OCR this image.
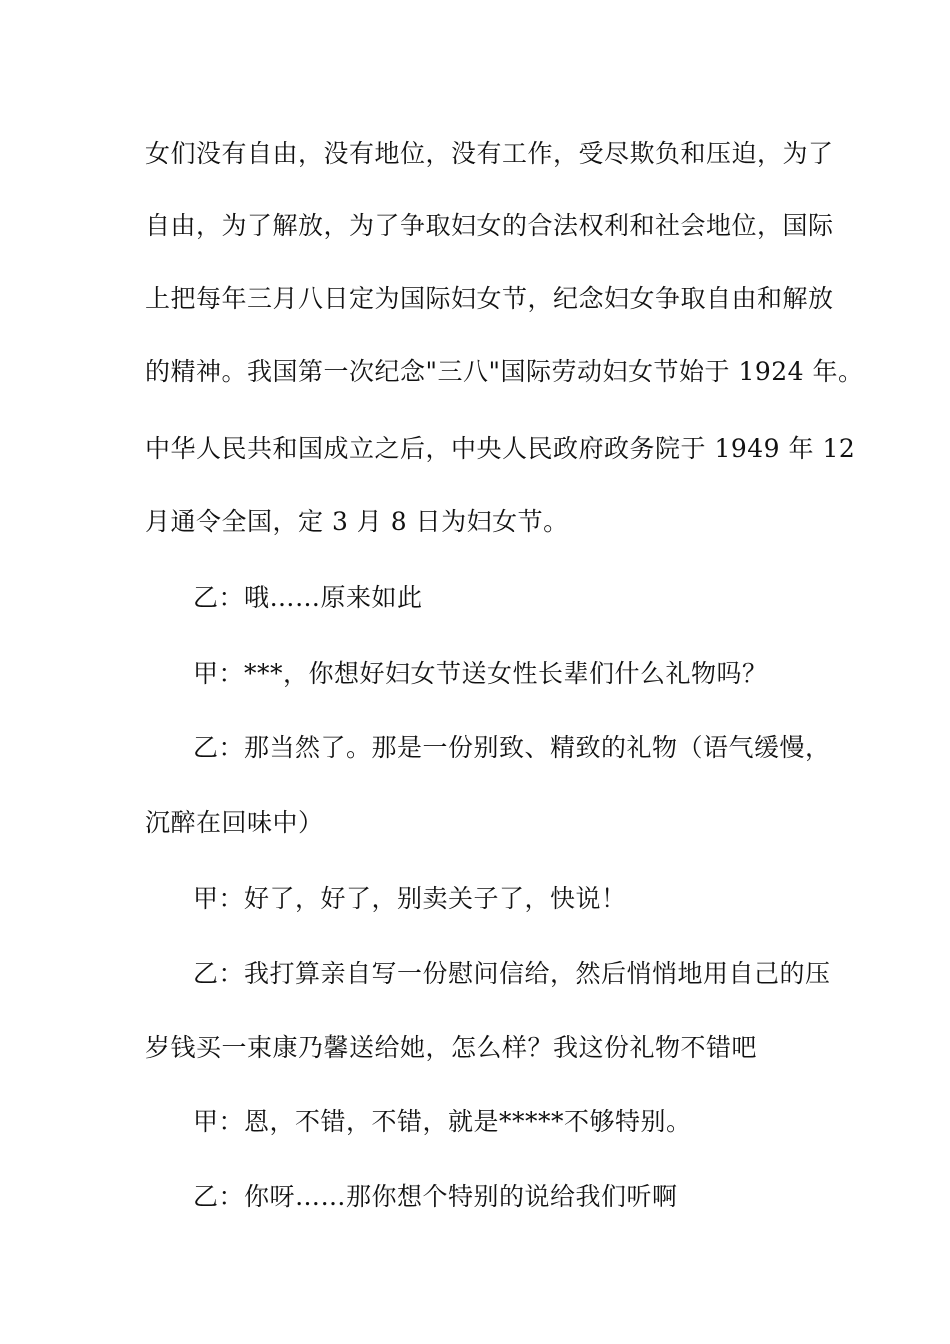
女们没有自由，没有地位，没有工作，受尽欺负和压迫，为了
自由，为了解放，为了争取妇女的合法权利和社会地位，国际
上把每年三月八日定为国际妇女节，纪念妇女争取自由和解放
的精神。我国第一次纪念"三八"国际劳动妇女节始于 1924 年。
中华人民共和国成立之后，中央人民政府政务院于 1949 年 12
月通令全国，定 3 月 8 日为妇女节。
乙：哦……原来如此
甲：***，你想好妇女节送女性长辈们什么礼物吗？
乙：那当然了。那是一份别致、精致的礼物（语气缓慢，
沉醉在回味中）
甲：好了，好了，别卖关子了，快说！
乙：我打算亲自写一份慰问信给，然后悄悄地用自己的压
岁钱买一束康乃馨送给她，怎么样？我这份礼物不错吧
甲：恩，不错，不错，就是*****不够特别。
乙：你呀……那你想个特别的说给我们听啊
